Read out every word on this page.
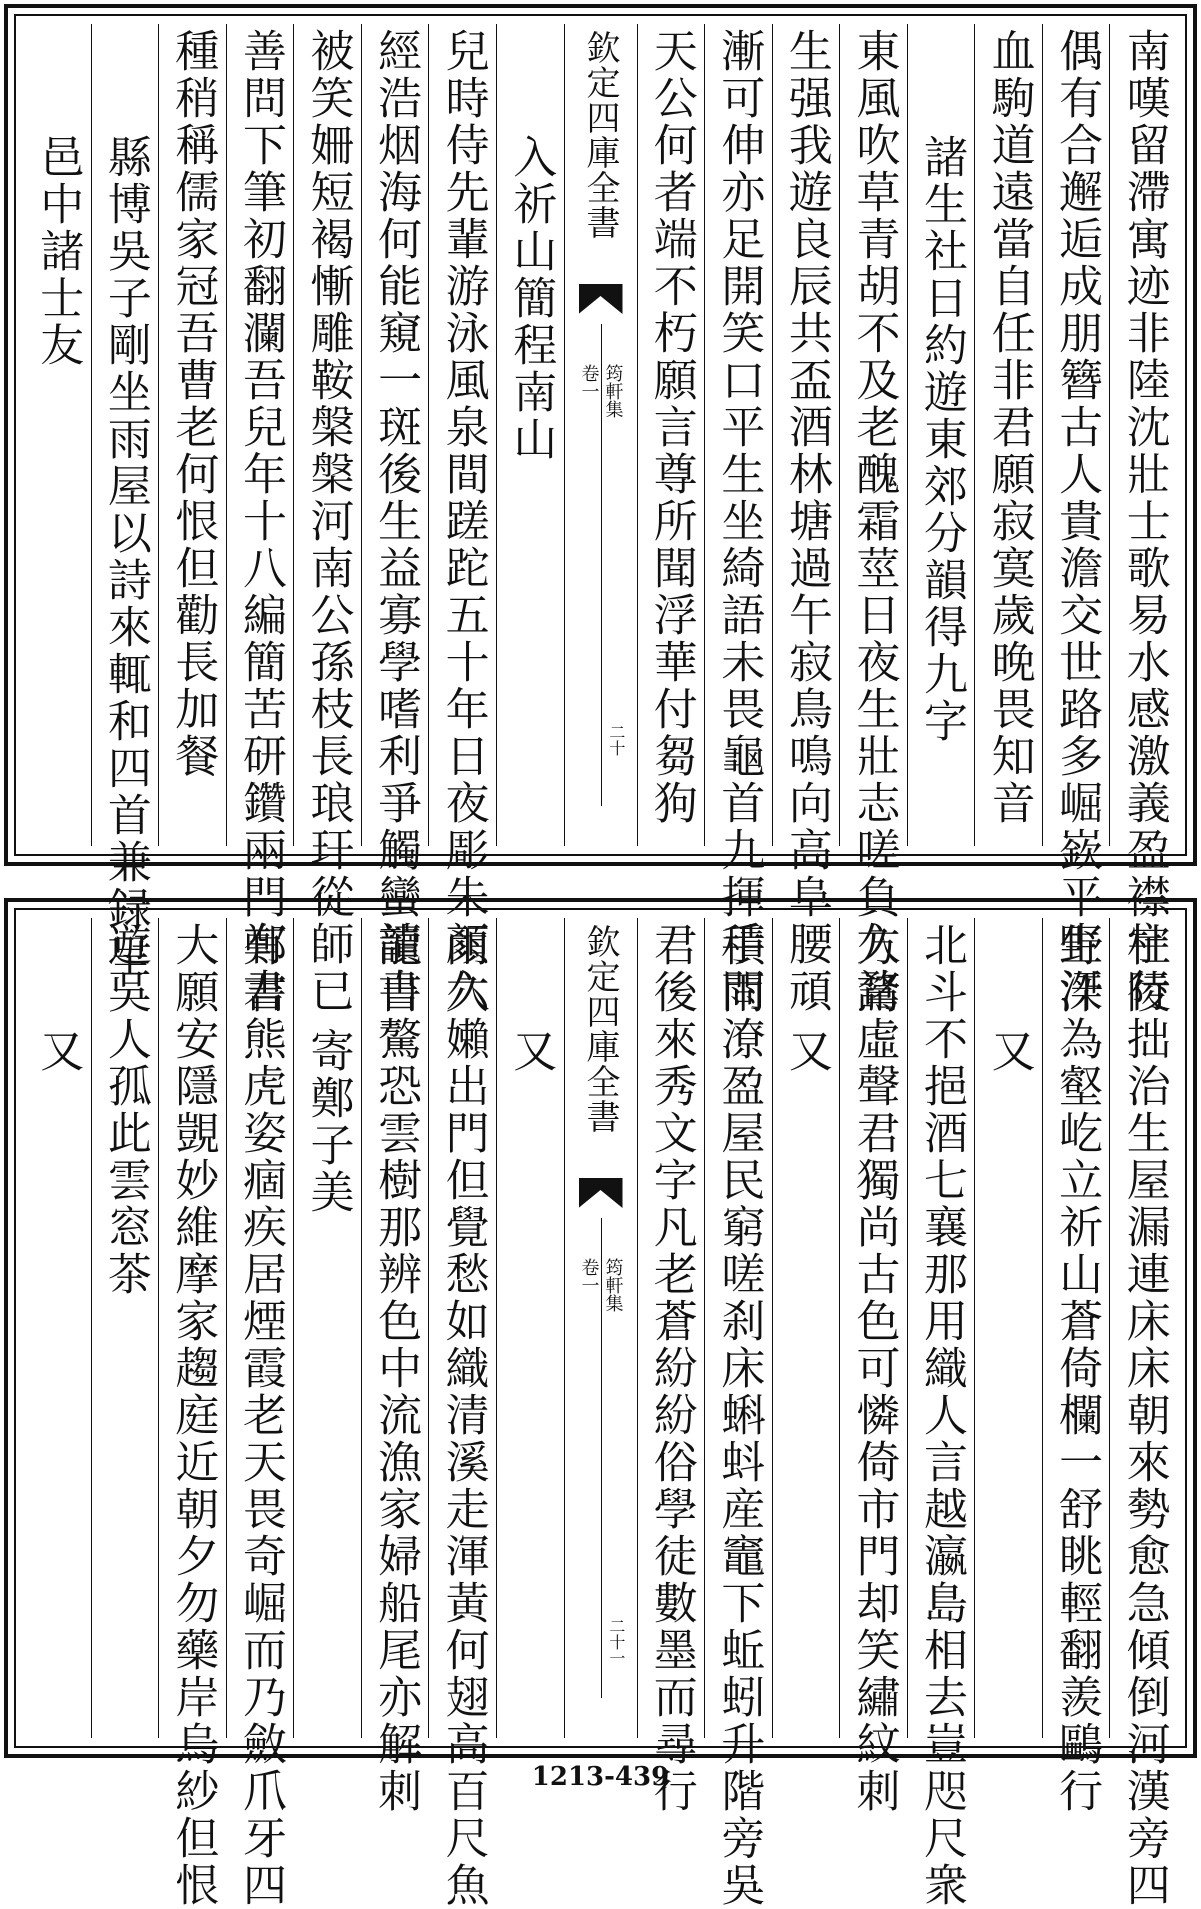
南嘆留滯寓迹非陸沈壯士歌易水感激義盈襟宇行
偶有合邂逅成朋簪古人貴澹交世路多崛嶔平生汗
血駒道遠當自任非君願寂寞歲晚畏知音
諸生社日約遊東郊分韻得九字
東風吹草青胡不及老醜霜莖日夜生壯志嗟負久諸
生强我遊良辰共盃酒林塘過午寂鳥鳴向高阜腰頑
漸可伸亦足開笑口平生坐綺語未畏龜首九揮手問
天公何者端不朽願言尊所聞浮華付芻狗
欽定四庫全書
筠軒集
卷一
二十
入祈山簡程南山
兒時侍先輩游泳風泉間蹉跎五十年日夜彫朱顏六
經浩烟海何能窺一斑後生益寡學嗜利爭觸蠻讀書
被笑姍短褐慚雕鞍槃槃河南公孫枝長琅玕從師已
善問下筆初翻瀾吾兒年十八編簡苦研鑽兩門有書
種稍稱儒家冠吾曹老何恨但勸長加餐
縣博吳子剛坐雨屋以詩來輒和四首兼録呈
邑中諸士友
杜陵拙治生屋漏連床床朝來勢愈急傾倒河漢旁四
野滐為壑屹立祈山蒼倚欄一舒眺輕翻羨鷗行
又
北斗不挹酒七襄那用織人言越瀛島相去豈咫尺衆
方鶩虛聲君獨尚古色可憐倚市門却笑繡紋刺
又
積雨潦盈屋民窮嗟刹床蝌蚪産竈下蚯蚓升階旁吳
君後來秀文字凡老蒼紛紛俗學徒數墨而尋行
欽定四庫全書
筠軒集
卷一
二十一
又
雨久嬾出門但覺愁如織清溪走渾黃何翅高百尺魚
龍自驁恐雲樹那辨色中流漁家婦船尾亦解刺
寄鄭子美
鄭君熊虎姿痼疾居煙霞老天畏奇崛而乃斂爪牙四
大願安隱覬妙維摩家趨庭近朝夕勿藥岸烏紗但恨
遊吳人孤此雲窓茶
又
1213-439
